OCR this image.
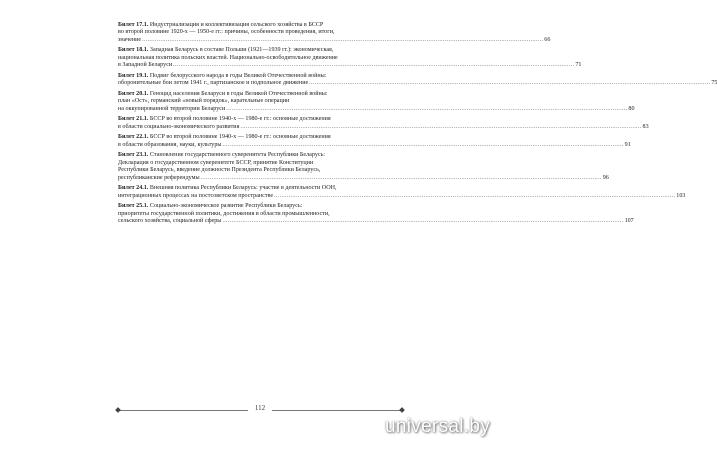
Билет 17.1. Индустриализация и коллективизация сельского хозяйства в БССР
во второй половине 1920-х — 1950-е гг.: причины, особенности проведения, итоги,
значение ............................................................................................................................................................................................................................ 66
Билет 18.1. Западная Беларусь в составе Польши (1921—1939 гг.): экономическая,
национальная политика польских властей. Национально-освободительное движение
в Западной Беларуси ............................................................................................................................................................................................................................ 71
Билет 19.1. Подвиг белорусского народа в годы Великой Отечественной войны:
оборонительные бои летом 1941 г., партизанское и подпольное движение ............................................................................................................................................................................................................................ 75
Билет 20.1. Геноцид населения Беларуси в годы Великой Отечественной войны:
план «Ост», германский «новый порядок», карательные операции
на оккупированной территории Беларуси ............................................................................................................................................................................................................................ 80
Билет 21.1. БССР во второй половине 1940-х — 1980-е гг.: основные достижения
в области социально-экономического развития ............................................................................................................................................................................................................................ 83
Билет 22.1. БССР во второй половине 1940-х — 1980-е гг.: основные достижения
в области образования, науки, культуры ............................................................................................................................................................................................................................ 91
Билет 23.1. Становление государственного суверенитета Республики Беларусь:
Декларация о государственном суверенитете БССР, принятие Конституции
Республики Беларусь, введение должности Президента Республики Беларусь,
республиканские референдумы ............................................................................................................................................................................................................................ 96
Билет 24.1. Внешняя политика Республики Беларусь: участие в деятельности ООН,
интеграционных процессах на постсоветском пространстве ............................................................................................................................................................................................................................ 103
Билет 25.1. Социально-экономическое развитие Республики Беларусь:
приоритеты государственной политики, достижения в области промышленности,
сельского хозяйства, социальной сферы ............................................................................................................................................................................................................................ 107
112
universal.by
